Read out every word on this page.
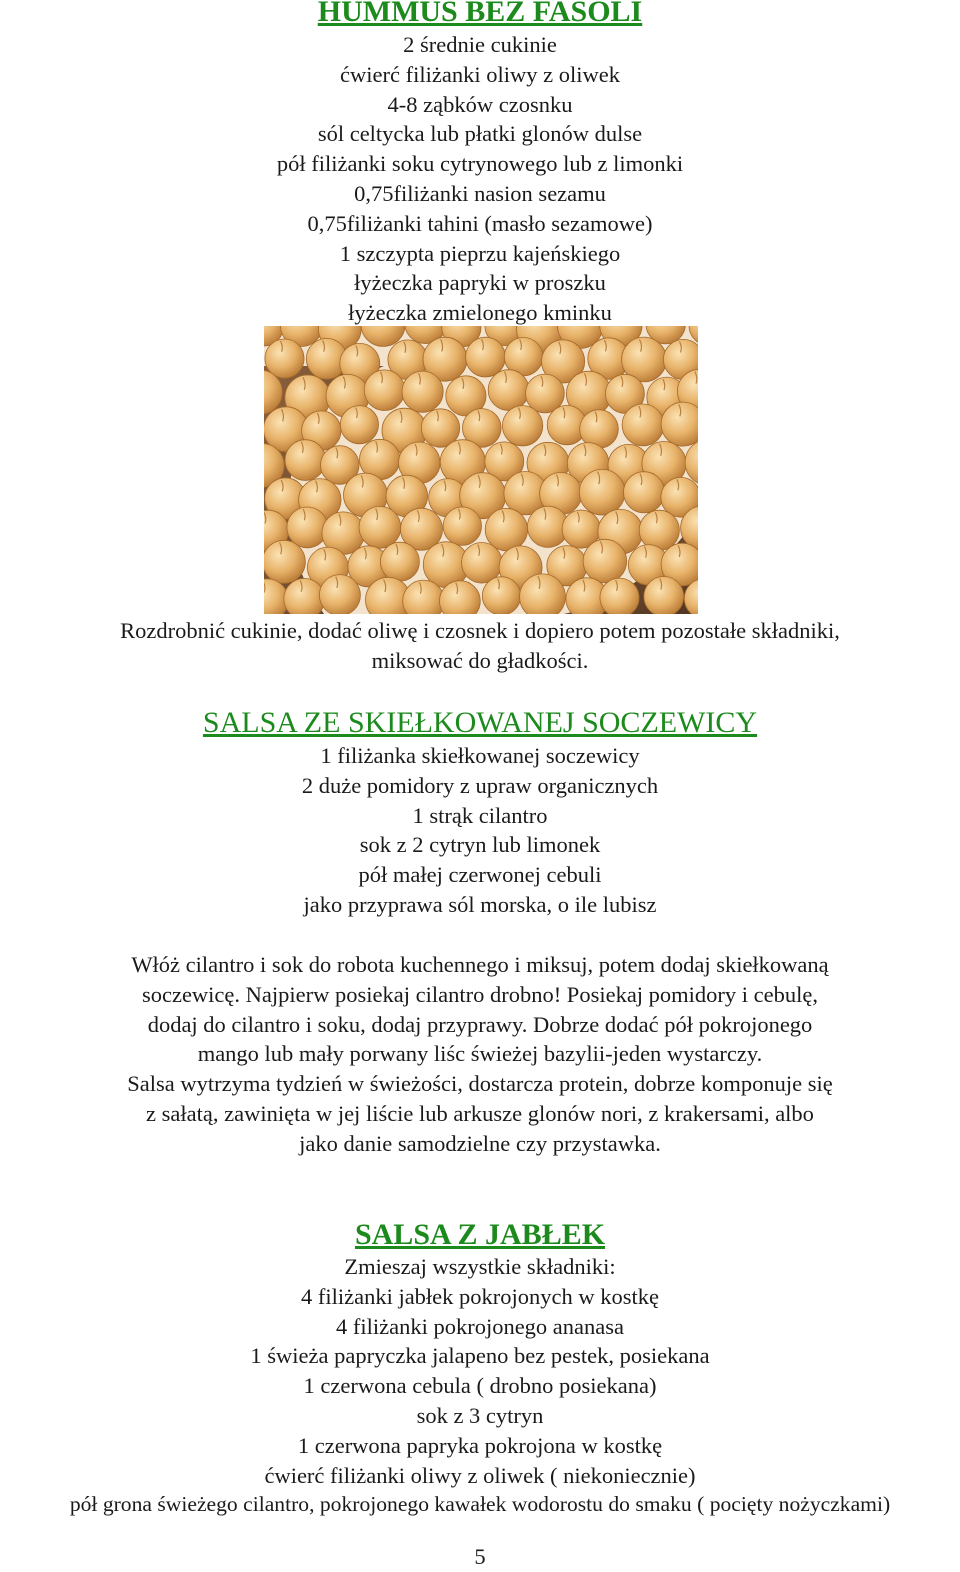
HUMMUS BEZ FASOLI

2 średnie cukinie

ćwierć filiżanki oliwy z oliwek

4-8 ząbków czosnku

sól celtycka lub płatki glonów dulse

pół filiżanki soku cytrynowego lub z limonki

0,75filiżanki nasion sezamu

0,75filiżanki tahini (masło sezamowe)

1 szczypta pieprzu kajeńskiego

łyżeczka papryki w proszku

łyżeczka zmielonego kminku

Rozdrobnić cukinie, dodać oliwę i czosnek i dopiero potem pozostałe składniki,

miksować do gładkości.

SALSA ZE SKIEŁKOWANEJ SOCZEWICY

1 filiżanka skiełkowanej soczewicy

2 duże pomidory z upraw organicznych

1 strąk cilantro

sok z 2 cytryn lub limonek

pół małej czerwonej cebuli

jako przyprawa sól morska, o ile lubisz

Włóż cilantro i sok do robota kuchennego i miksuj, potem dodaj skiełkowaną

soczewicę. Najpierw posiekaj cilantro drobno! Posiekaj pomidory i cebulę,

dodaj do cilantro i soku, dodaj przyprawy. Dobrze dodać pół pokrojonego

mango lub mały porwany liśc świeżej bazylii-jeden wystarczy.

Salsa wytrzyma tydzień w świeżości, dostarcza protein, dobrze komponuje się

z sałatą, zawinięta w jej liście lub arkusze glonów nori, z krakersami, albo

jako danie samodzielne czy przystawka.

SALSA Z JABŁEK

Zmieszaj wszystkie składniki:

4 filiżanki jabłek pokrojonych w kostkę

4 filiżanki pokrojonego ananasa

1 świeża papryczka jalapeno bez pestek, posiekana

1 czerwona cebula ( drobno posiekana)

sok z 3 cytryn

1 czerwona papryka pokrojona w kostkę

ćwierć filiżanki oliwy z oliwek ( niekoniecznie)

pół grona świeżego cilantro, pokrojonego kawałek wodorostu do smaku ( pocięty nożyczkami)

5
